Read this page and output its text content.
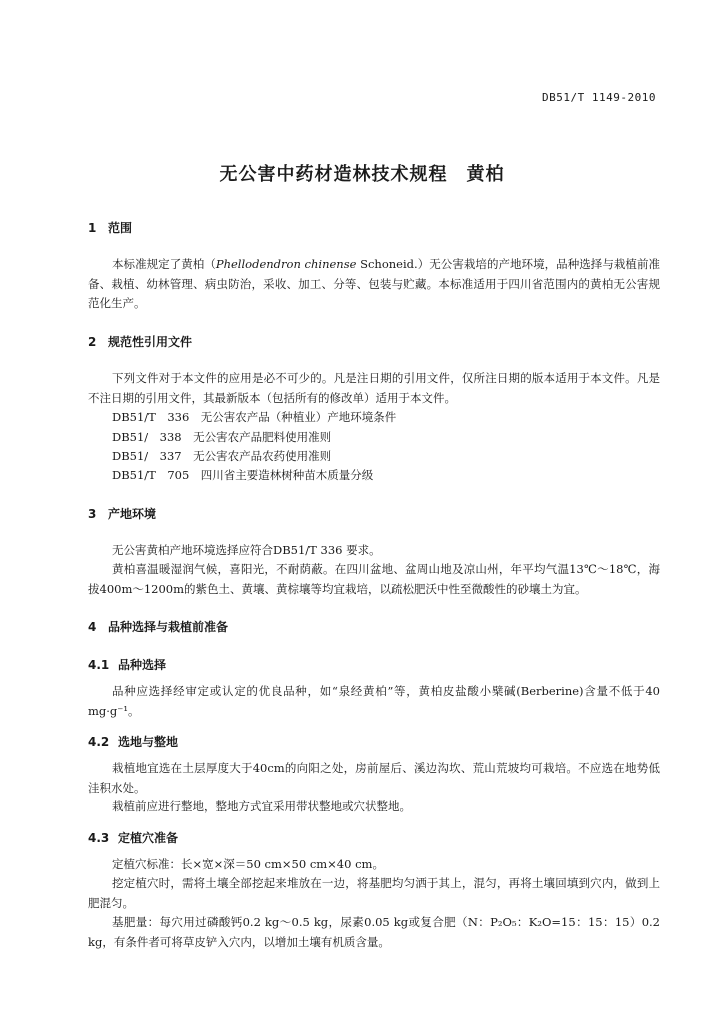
DB51/T 1149-2010
无公害中药材造林技术规程　黄柏
1 范围

本标准规定了黄柏（Phellodendron chinense Schoneid.）无公害栽培的产地环境，品种选择与栽植前准备、栽植、幼林管理、病虫防治，采收、加工、分等、包装与贮藏。本标准适用于四川省范围内的黄柏无公害规范化生产。

2 规范性引用文件

下列文件对于本文件的应用是必不可少的。凡是注日期的引用文件，仅所注日期的版本适用于本文件。凡是不注日期的引用文件，其最新版本（包括所有的修改单）适用于本文件。

DB51/T　336　无公害农产品（种植业）产地环境条件
DB51/　338　无公害农产品肥料使用准则
DB51/　337　无公害农产品农药使用准则
DB51/T　705　四川省主要造林树种苗木质量分级
3 产地环境

无公害黄柏产地环境选择应符合DB51/T 336 要求。

黄柏喜温暖湿润气候，喜阳光，不耐荫蔽。在四川盆地、盆周山地及凉山州，年平均气温13℃～18℃，海拔400m～1200m的紫色土、黄壤、黄棕壤等均宜栽培，以疏松肥沃中性至微酸性的砂壤土为宜。

4 品种选择与栽植前准备
4.1 品种选择

品种应选择经审定或认定的优良品种，如“泉经黄柏”等，黄柏皮盐酸小檗碱(Berberine)含量不低于40 mg·g⁻¹。

4.2 选地与整地

栽植地宜选在土层厚度大于40cm的向阳之处，房前屋后、溪边沟坎、荒山荒坡均可栽培。不应选在地势低洼积水处。

栽植前应进行整地，整地方式宜采用带状整地或穴状整地。

4.3 定植穴准备

定植穴标准：长×宽×深＝50 cm×50 cm×40 cm。

挖定植穴时，需将土壤全部挖起来堆放在一边，将基肥均匀洒于其上，混匀，再将土壤回填到穴内，做到上肥混匀。

基肥量：每穴用过磷酸钙0.2 kg～0.5 kg，尿素0.05 kg或复合肥（N：P₂O₅：K₂O=15：15：15）0.2 kg，有条件者可将草皮铲入穴内，以增加土壤有机质含量。
